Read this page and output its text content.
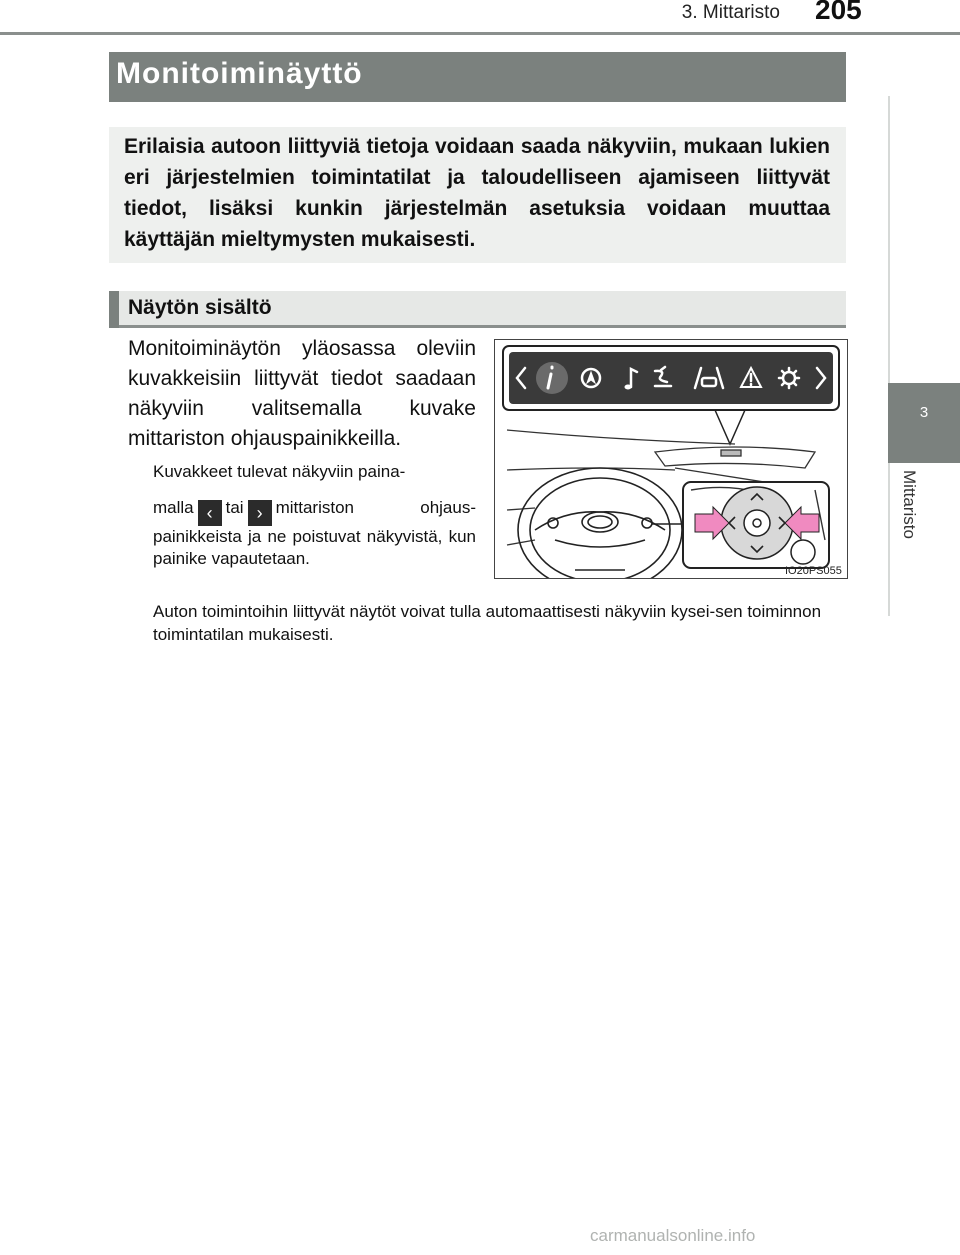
3. Mittaristo 205
3
Mittaristo
Monitoiminäyttö
Erilaisia autoon liittyviä tietoja voidaan saada näkyviin, mukaan lukien eri järjestelmien toimintatilat ja taloudelliseen ajamiseen liittyvät tiedot, lisäksi kunkin järjestelmän asetuksia voidaan muuttaa käyttäjän mieltymysten mukaisesti.
Näytön sisältö
Monitoiminäytön yläosassa oleviin kuvakkeisiin liittyvät tiedot saadaan näkyviin valitsemalla kuvake mittariston ohjauspainikkeilla.
Kuvakkeet tulevat näkyviin paina-
malla ‹ tai › mittariston ohjaus-painikkeista ja ne poistuvat näkyvistä, kun painike vapautetaan.
Auton toimintoihin liittyvät näytöt voivat tulla automaattisesti näkyviin kysei-sen toiminnon toimintatilan mukaisesti.
IO20PS055
carmanualsonline.info
